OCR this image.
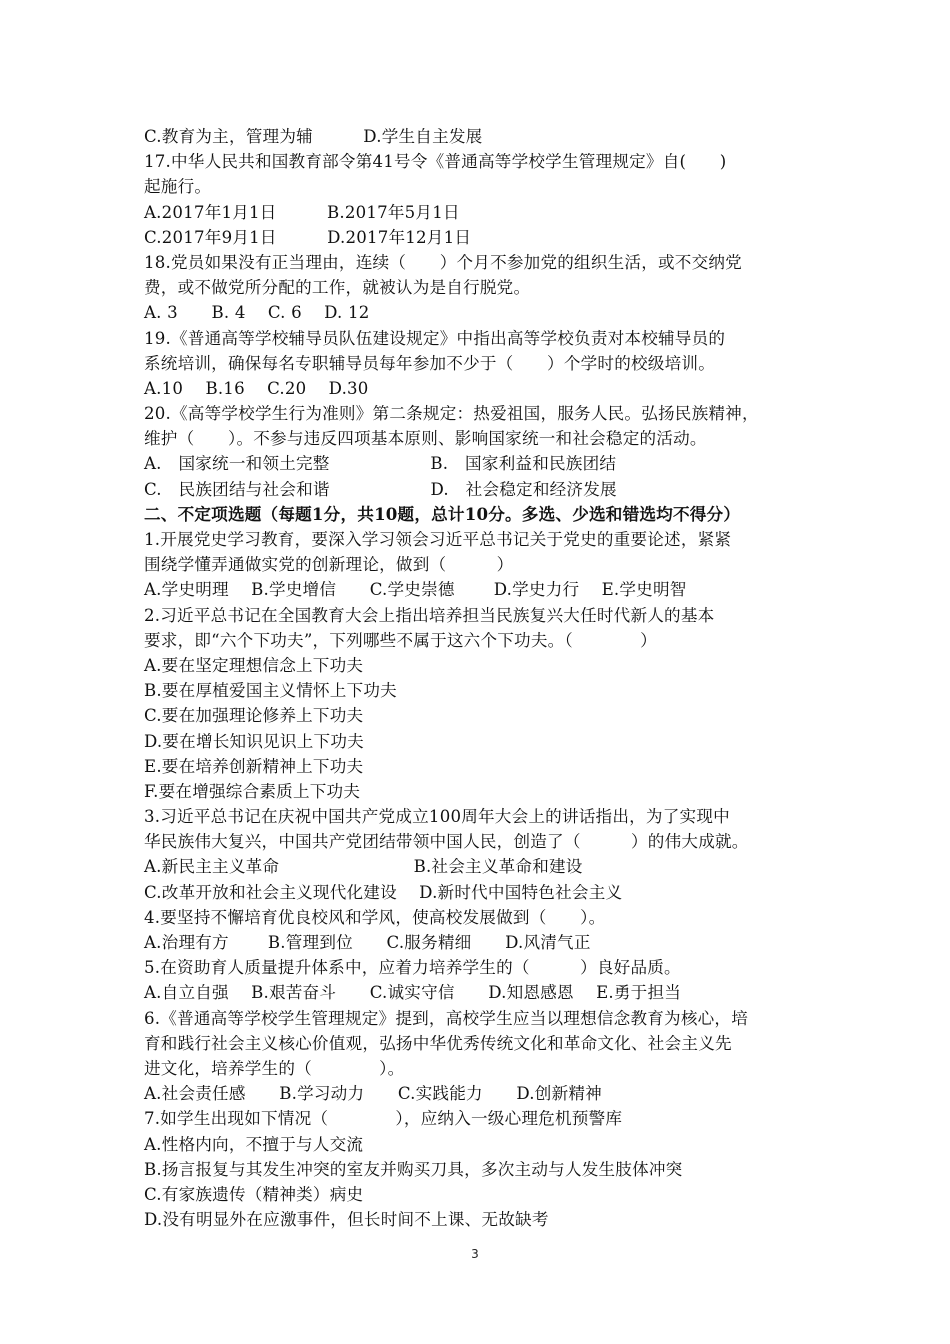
C.教育为主，管理为辅　　　D.学生自主发展
17.中华人民共和国教育部令第41号令《普通高等学校学生管理规定》自(　　)
起施行。
A.2017年1月1日　　　B.2017年5月1日
C.2017年9月1日　　　D.2017年12月1日
18.党员如果没有正当理由，连续（　　）个月不参加党的组织生活，或不交纳党
费，或不做党所分配的工作，就被认为是自行脱党。
A. 3　　B. 4　 C. 6　 D. 12
19.《普通高等学校辅导员队伍建设规定》中指出高等学校负责对本校辅导员的
系统培训，确保每名专职辅导员每年参加不少于（　　）个学时的校级培训。
A.10　 B.16　 C.20　 D.30
20.《高等学校学生行为准则》第二条规定：热爱祖国，服务人民。弘扬民族精神，
维护（　　）。不参与违反四项基本原则、影响国家统一和社会稳定的活动。
A.　国家统一和领土完整　　　　　　B.　国家利益和民族团结
C.　民族团结与社会和谐　　　　　　D.　社会稳定和经济发展
二、不定项选题（每题1分，共10题，总计10分。多选、少选和错选均不得分）
1.开展党史学习教育，要深入学习领会习近平总书记关于党史的重要论述，紧紧
围绕学懂弄通做实党的创新理论，做到（　　　）
A.学史明理　 B.学史增信　　C.学史崇德　　 D.学史力行　 E.学史明智
2.习近平总书记在全国教育大会上指出培养担当民族复兴大任时代新人的基本
要求，即“六个下功夫”，下列哪些不属于这六个下功夫。（　　　　）
A.要在坚定理想信念上下功夫
B.要在厚植爱国主义情怀上下功夫
C.要在加强理论修养上下功夫
D.要在增长知识见识上下功夫
E.要在培养创新精神上下功夫
F.要在增强综合素质上下功夫
3.习近平总书记在庆祝中国共产党成立100周年大会上的讲话指出，为了实现中
华民族伟大复兴，中国共产党团结带领中国人民，创造了（　　　）的伟大成就。
A.新民主主义革命　　　　　　　　B.社会主义革命和建设
C.改革开放和社会主义现代化建设　 D.新时代中国特色社会主义
4.要坚持不懈培育优良校风和学风，使高校发展做到（　　）。
A.治理有方　　 B.管理到位　　C.服务精细　　D.风清气正
5.在资助育人质量提升体系中，应着力培养学生的（　　　）良好品质。
A.自立自强　 B.艰苦奋斗　　C.诚实守信　　D.知恩感恩　 E.勇于担当
6.《普通高等学校学生管理规定》提到，高校学生应当以理想信念教育为核心，培
育和践行社会主义核心价值观，弘扬中华优秀传统文化和革命文化、社会主义先
进文化，培养学生的（　　　　）。
A.社会责任感　　B.学习动力　　C.实践能力　　D.创新精神
7.如学生出现如下情况（　　　　），应纳入一级心理危机预警库
A.性格内向，不擅于与人交流
B.扬言报复与其发生冲突的室友并购买刀具，多次主动与人发生肢体冲突
C.有家族遗传（精神类）病史
D.没有明显外在应激事件，但长时间不上课、无故缺考
3
